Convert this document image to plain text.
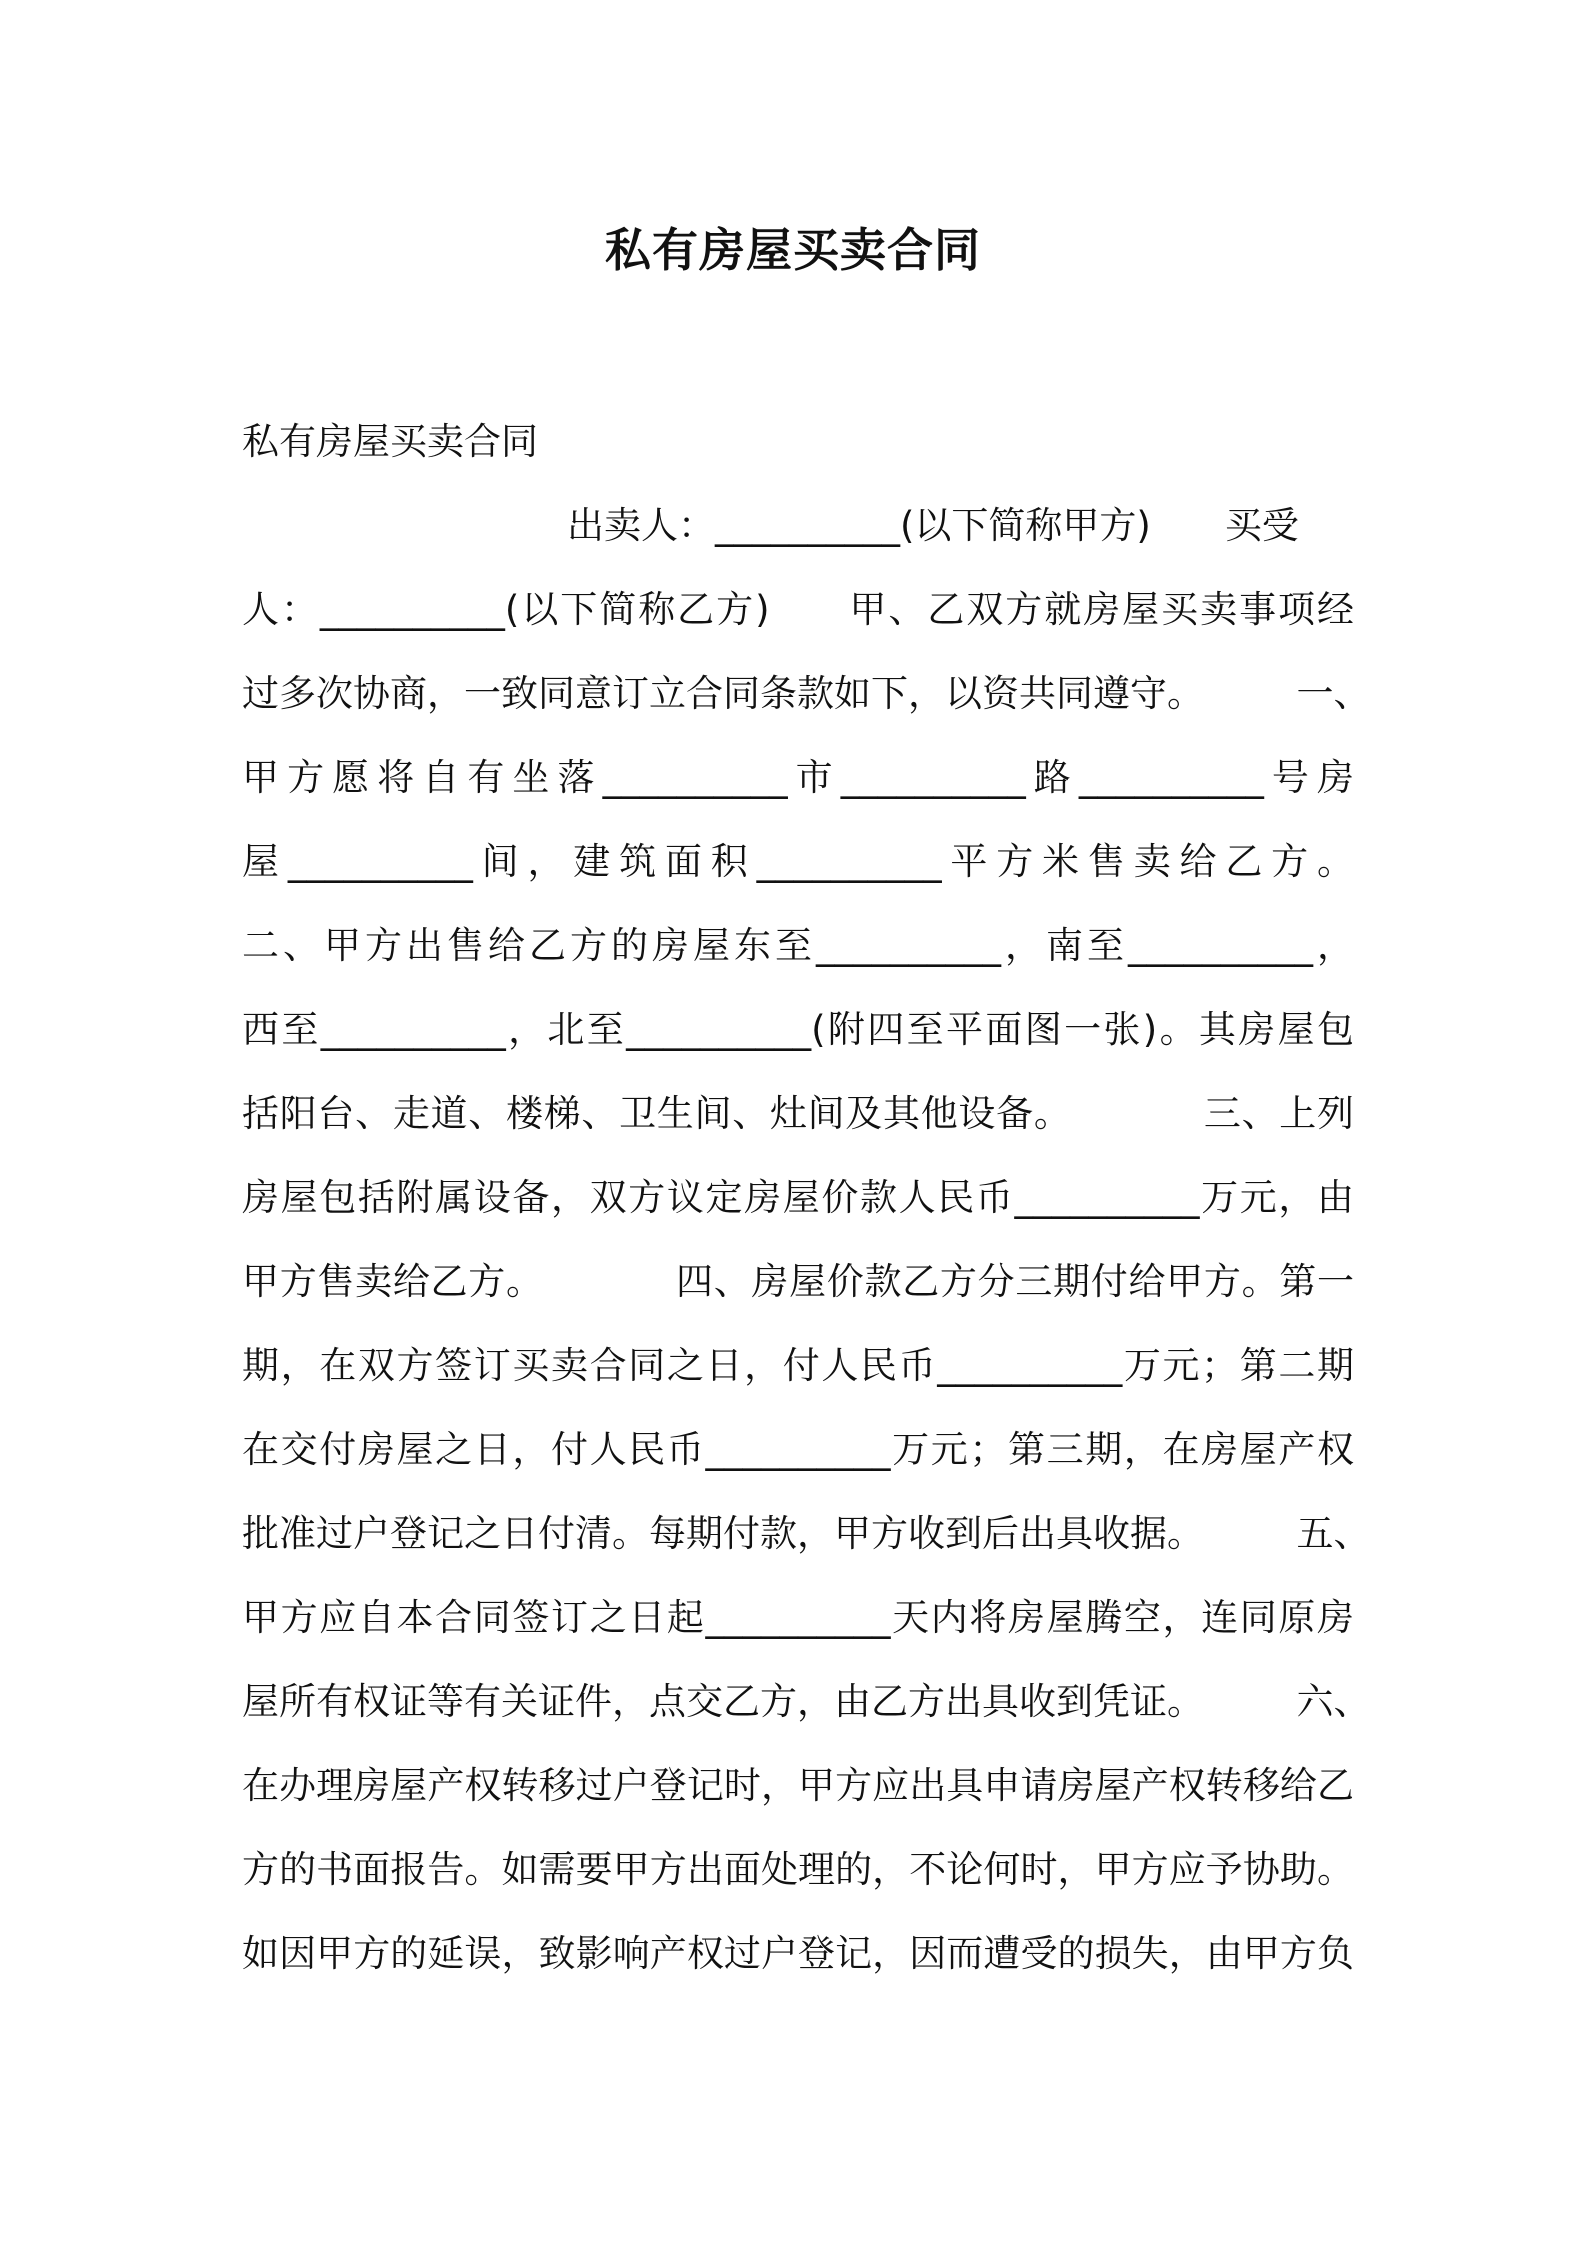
私有房屋买卖合同
私有房屋买卖合同
出卖人：__________(以下简称甲方)　　买受
人：__________(以下简称乙方)　　甲、乙双方就房屋买卖事项经
过多次协商，一致同意订立合同条款如下，以资共同遵守。　　　一、
甲方愿将自有坐落__________市__________路__________号房
屋__________间，建筑面积__________平方米售卖给乙方。
二、甲方出售给乙方的房屋东至__________，南至__________，
西至__________，北至__________(附四至平面图一张)。其房屋包
括阳台、走道、楼梯、卫生间、灶间及其他设备。　　　　三、上列
房屋包括附属设备，双方议定房屋价款人民币__________万元，由
甲方售卖给乙方。　　　　四、房屋价款乙方分三期付给甲方。第一
期，在双方签订买卖合同之日，付人民币__________万元；第二期
在交付房屋之日，付人民币__________万元；第三期，在房屋产权
批准过户登记之日付清。每期付款，甲方收到后出具收据。　　　五、
甲方应自本合同签订之日起__________天内将房屋腾空，连同原房
屋所有权证等有关证件，点交乙方，由乙方出具收到凭证。　　　六、
在办理房屋产权转移过户登记时，甲方应出具申请房屋产权转移给乙
方的书面报告。如需要甲方出面处理的，不论何时，甲方应予协助。
如因甲方的延误，致影响产权过户登记，因而遭受的损失，由甲方负
